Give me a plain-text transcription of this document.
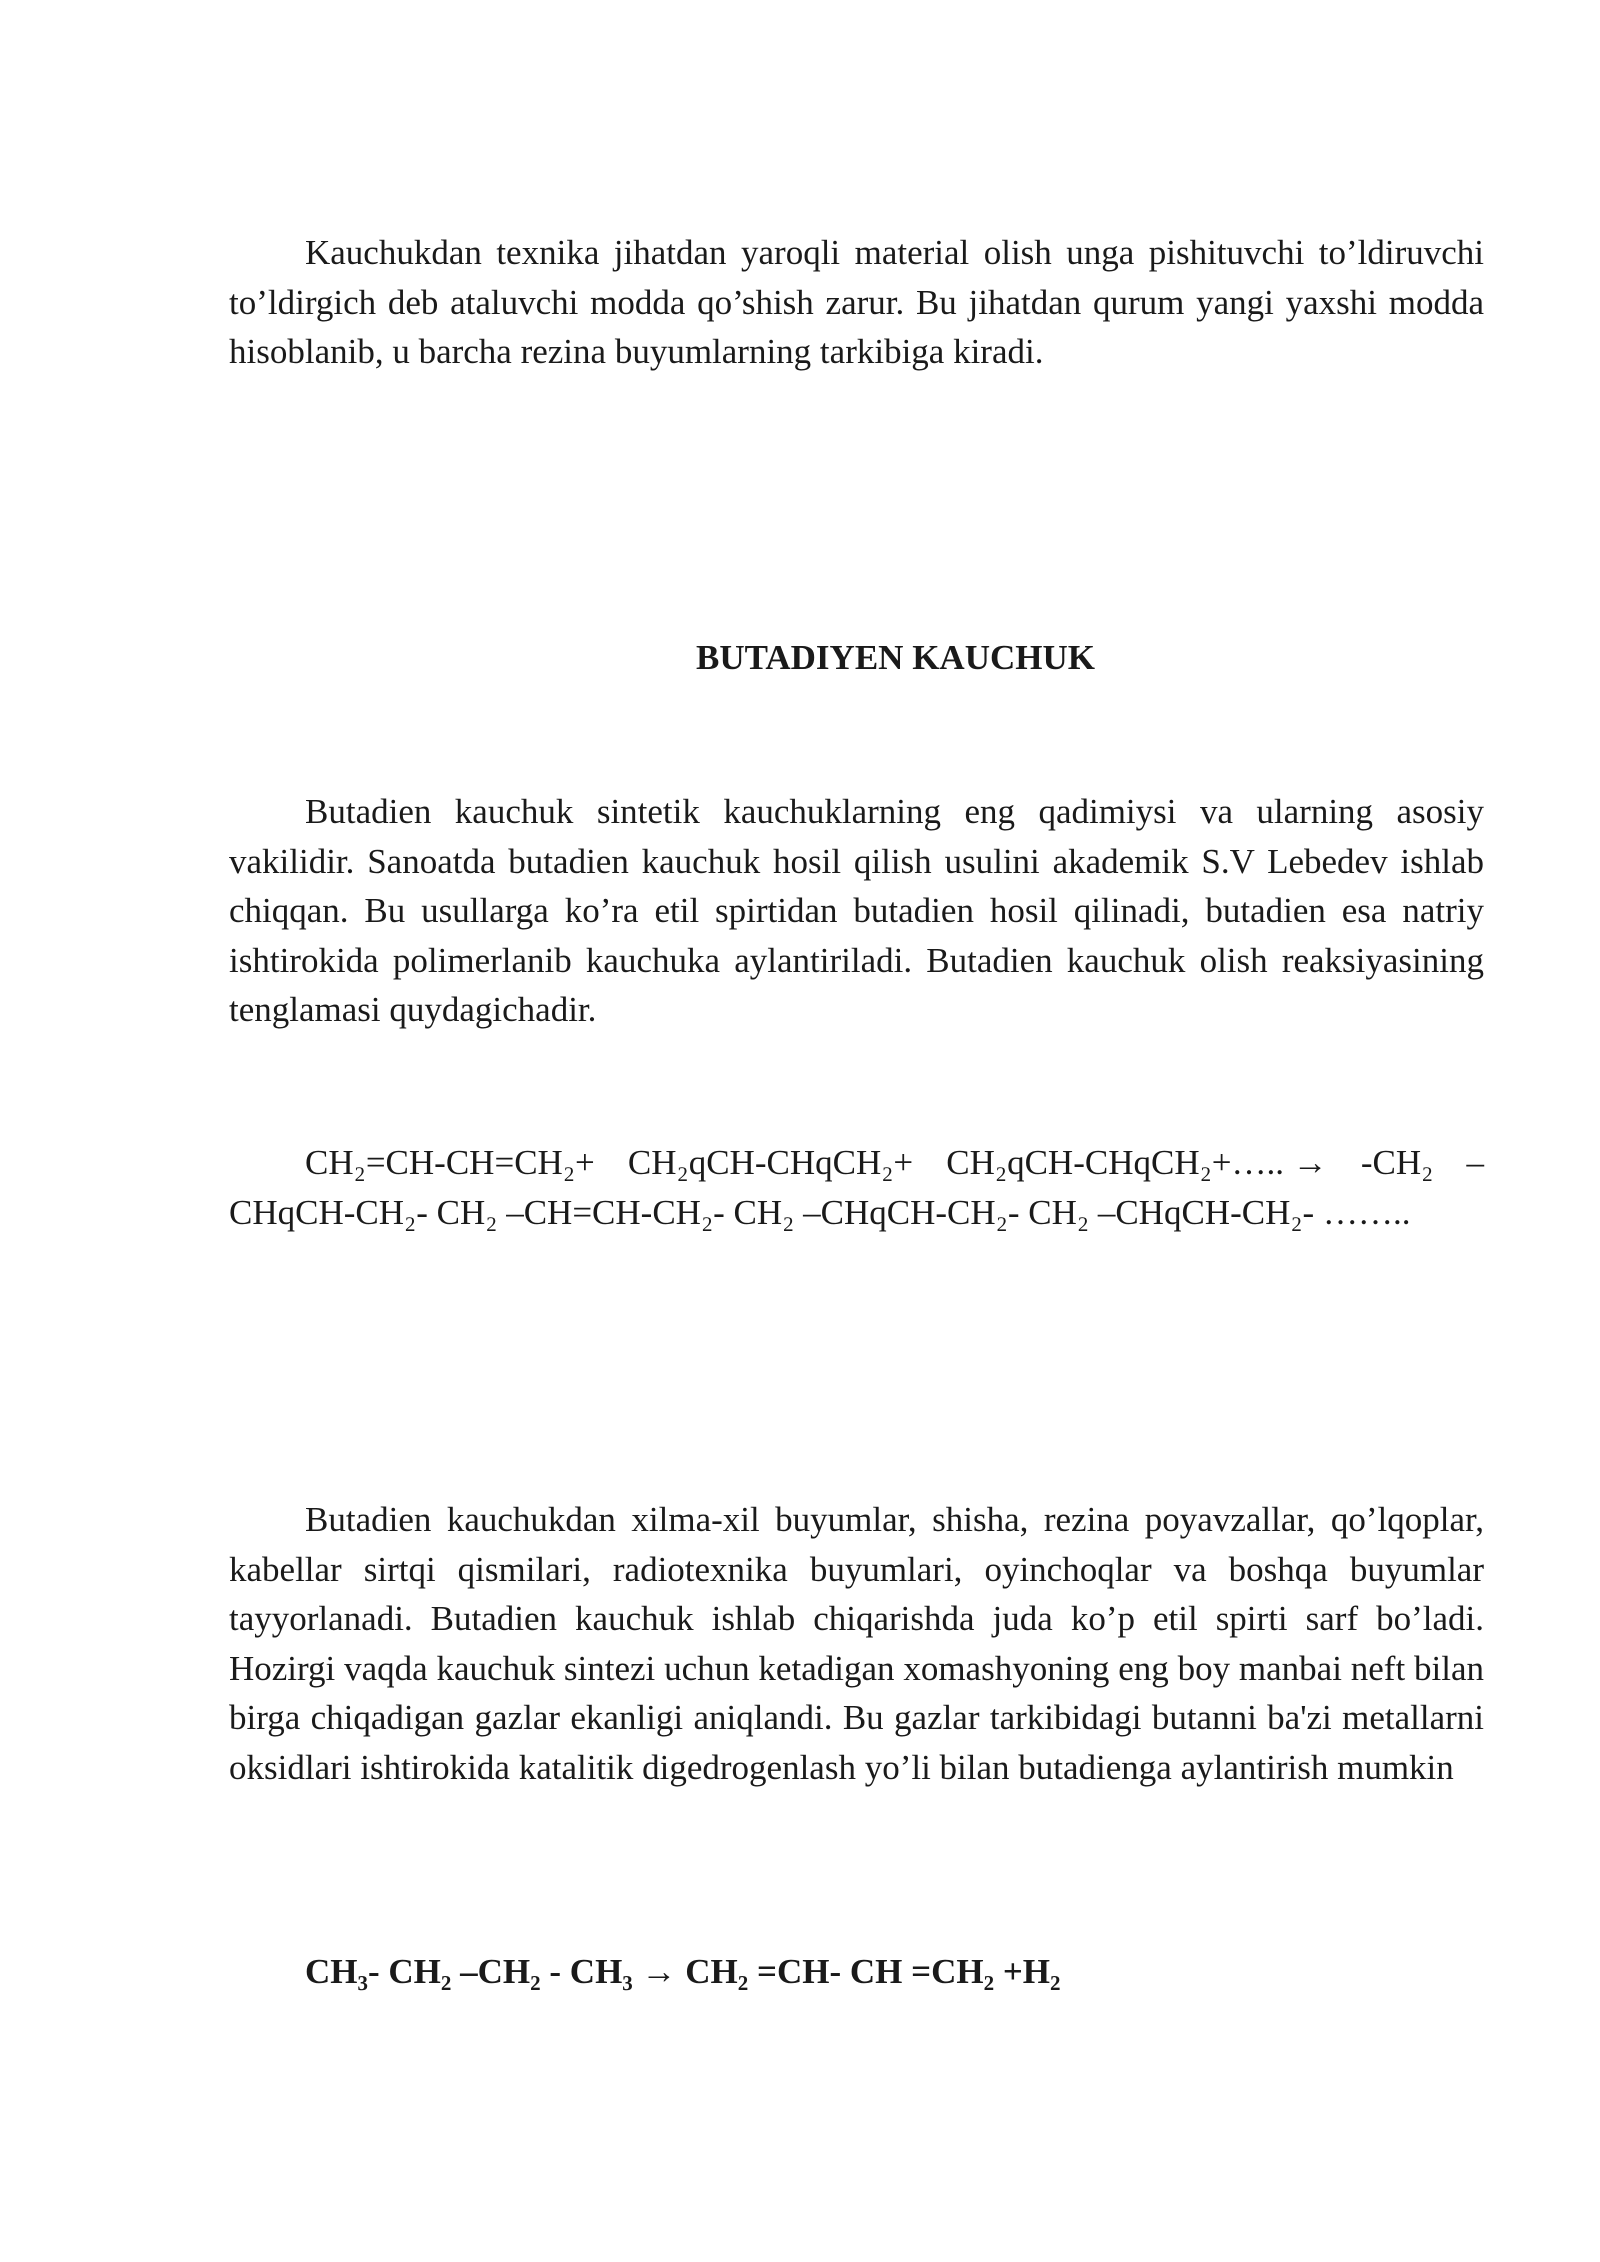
Kauchukdan texnika jihatdan yaroqli material olish unga pishituvchi to’ldiruvchi to’ldirgich deb ataluvchi modda qo’shish zarur. Bu jihatdan qurum yangi yaxshi modda hisoblanib, u barcha rezina buyumlarning tarkibiga kiradi.

BUTADIYEN KAUCHUK

Butadien kauchuk sintetik kauchuklarning eng qadimiysi va ularning asosiy vakilidir. Sanoatda butadien kauchuk hosil qilish usulini akademik S.V Lebedev ishlab chiqqan. Bu usullarga ko’ra etil spirtidan butadien hosil qilinadi, butadien esa natriy ishtirokida polimerlanib kauchuka aylantiriladi. Butadien kauchuk olish reaksiyasining tenglamasi quydagichadir.

CH₂=CH-CH=CH₂+ CH₂qCH-CHqCH₂+ CH₂qCH-CHqCH₂+….. → -CH₂ –
CHqCH-CH₂- CH₂ –CH=CH-CH₂- CH₂ –CHqCH-CH₂- CH₂ –CHqCH-CH₂- ……..

Butadien kauchukdan xilma-xil buyumlar, shisha, rezina poyavzallar, qo’lqoplar, kabellar sirtqi qismilari, radiotexnika buyumlari, oyinchoqlar va boshqa buyumlar tayyorlanadi. Butadien kauchuk ishlab chiqarishda juda ko’p etil spirti sarf bo’ladi. Hozirgi vaqda kauchuk sintezi uchun ketadigan xomashyoning eng boy manbai neft bilan birga chiqadigan gazlar ekanligi aniqlandi. Bu gazlar tarkibidagi butanni ba'zi metallarni oksidlari ishtirokida katalitik digedrogenlash yo’li bilan butadienga aylantirish mumkin

CH₃- CH₂ –CH₂ - CH₃ → CH₂ =CH- CH =CH₂ +H₂
